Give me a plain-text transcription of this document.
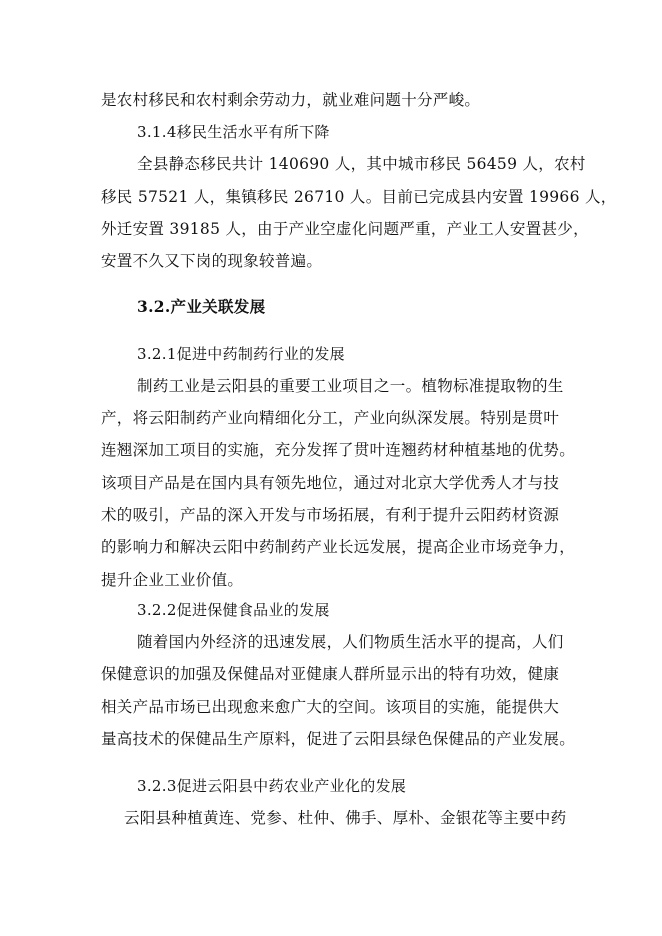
是农村移民和农村剩余劳动力，就业难问题十分严峻。
3.1.4移民生活水平有所下降
全县静态移民共计 140690 人，其中城市移民 56459 人，农村
移民 57521 人，集镇移民 26710 人。目前已完成县内安置 19966 人，
外迁安置 39185 人，由于产业空虚化问题严重，产业工人安置甚少，
安置不久又下岗的现象较普遍。
3.2.产业关联发展
3.2.1促进中药制药行业的发展
制药工业是云阳县的重要工业项目之一。植物标准提取物的生
产，将云阳制药产业向精细化分工，产业向纵深发展。特别是贯叶
连翘深加工项目的实施，充分发挥了贯叶连翘药材种植基地的优势。
该项目产品是在国内具有领先地位，通过对北京大学优秀人才与技
术的吸引，产品的深入开发与市场拓展，有利于提升云阳药材资源
的影响力和解决云阳中药制药产业长远发展，提高企业市场竞争力，
提升企业工业价值。
3.2.2促进保健食品业的发展
随着国内外经济的迅速发展，人们物质生活水平的提高，人们
保健意识的加强及保健品对亚健康人群所显示出的特有功效，健康
相关产品市场已出现愈来愈广大的空间。该项目的实施，能提供大
量高技术的保健品生产原料，促进了云阳县绿色保健品的产业发展。
3.2.3促进云阳县中药农业产业化的发展
云阳县种植黄连、党参、杜仲、佛手、厚朴、金银花等主要中药
